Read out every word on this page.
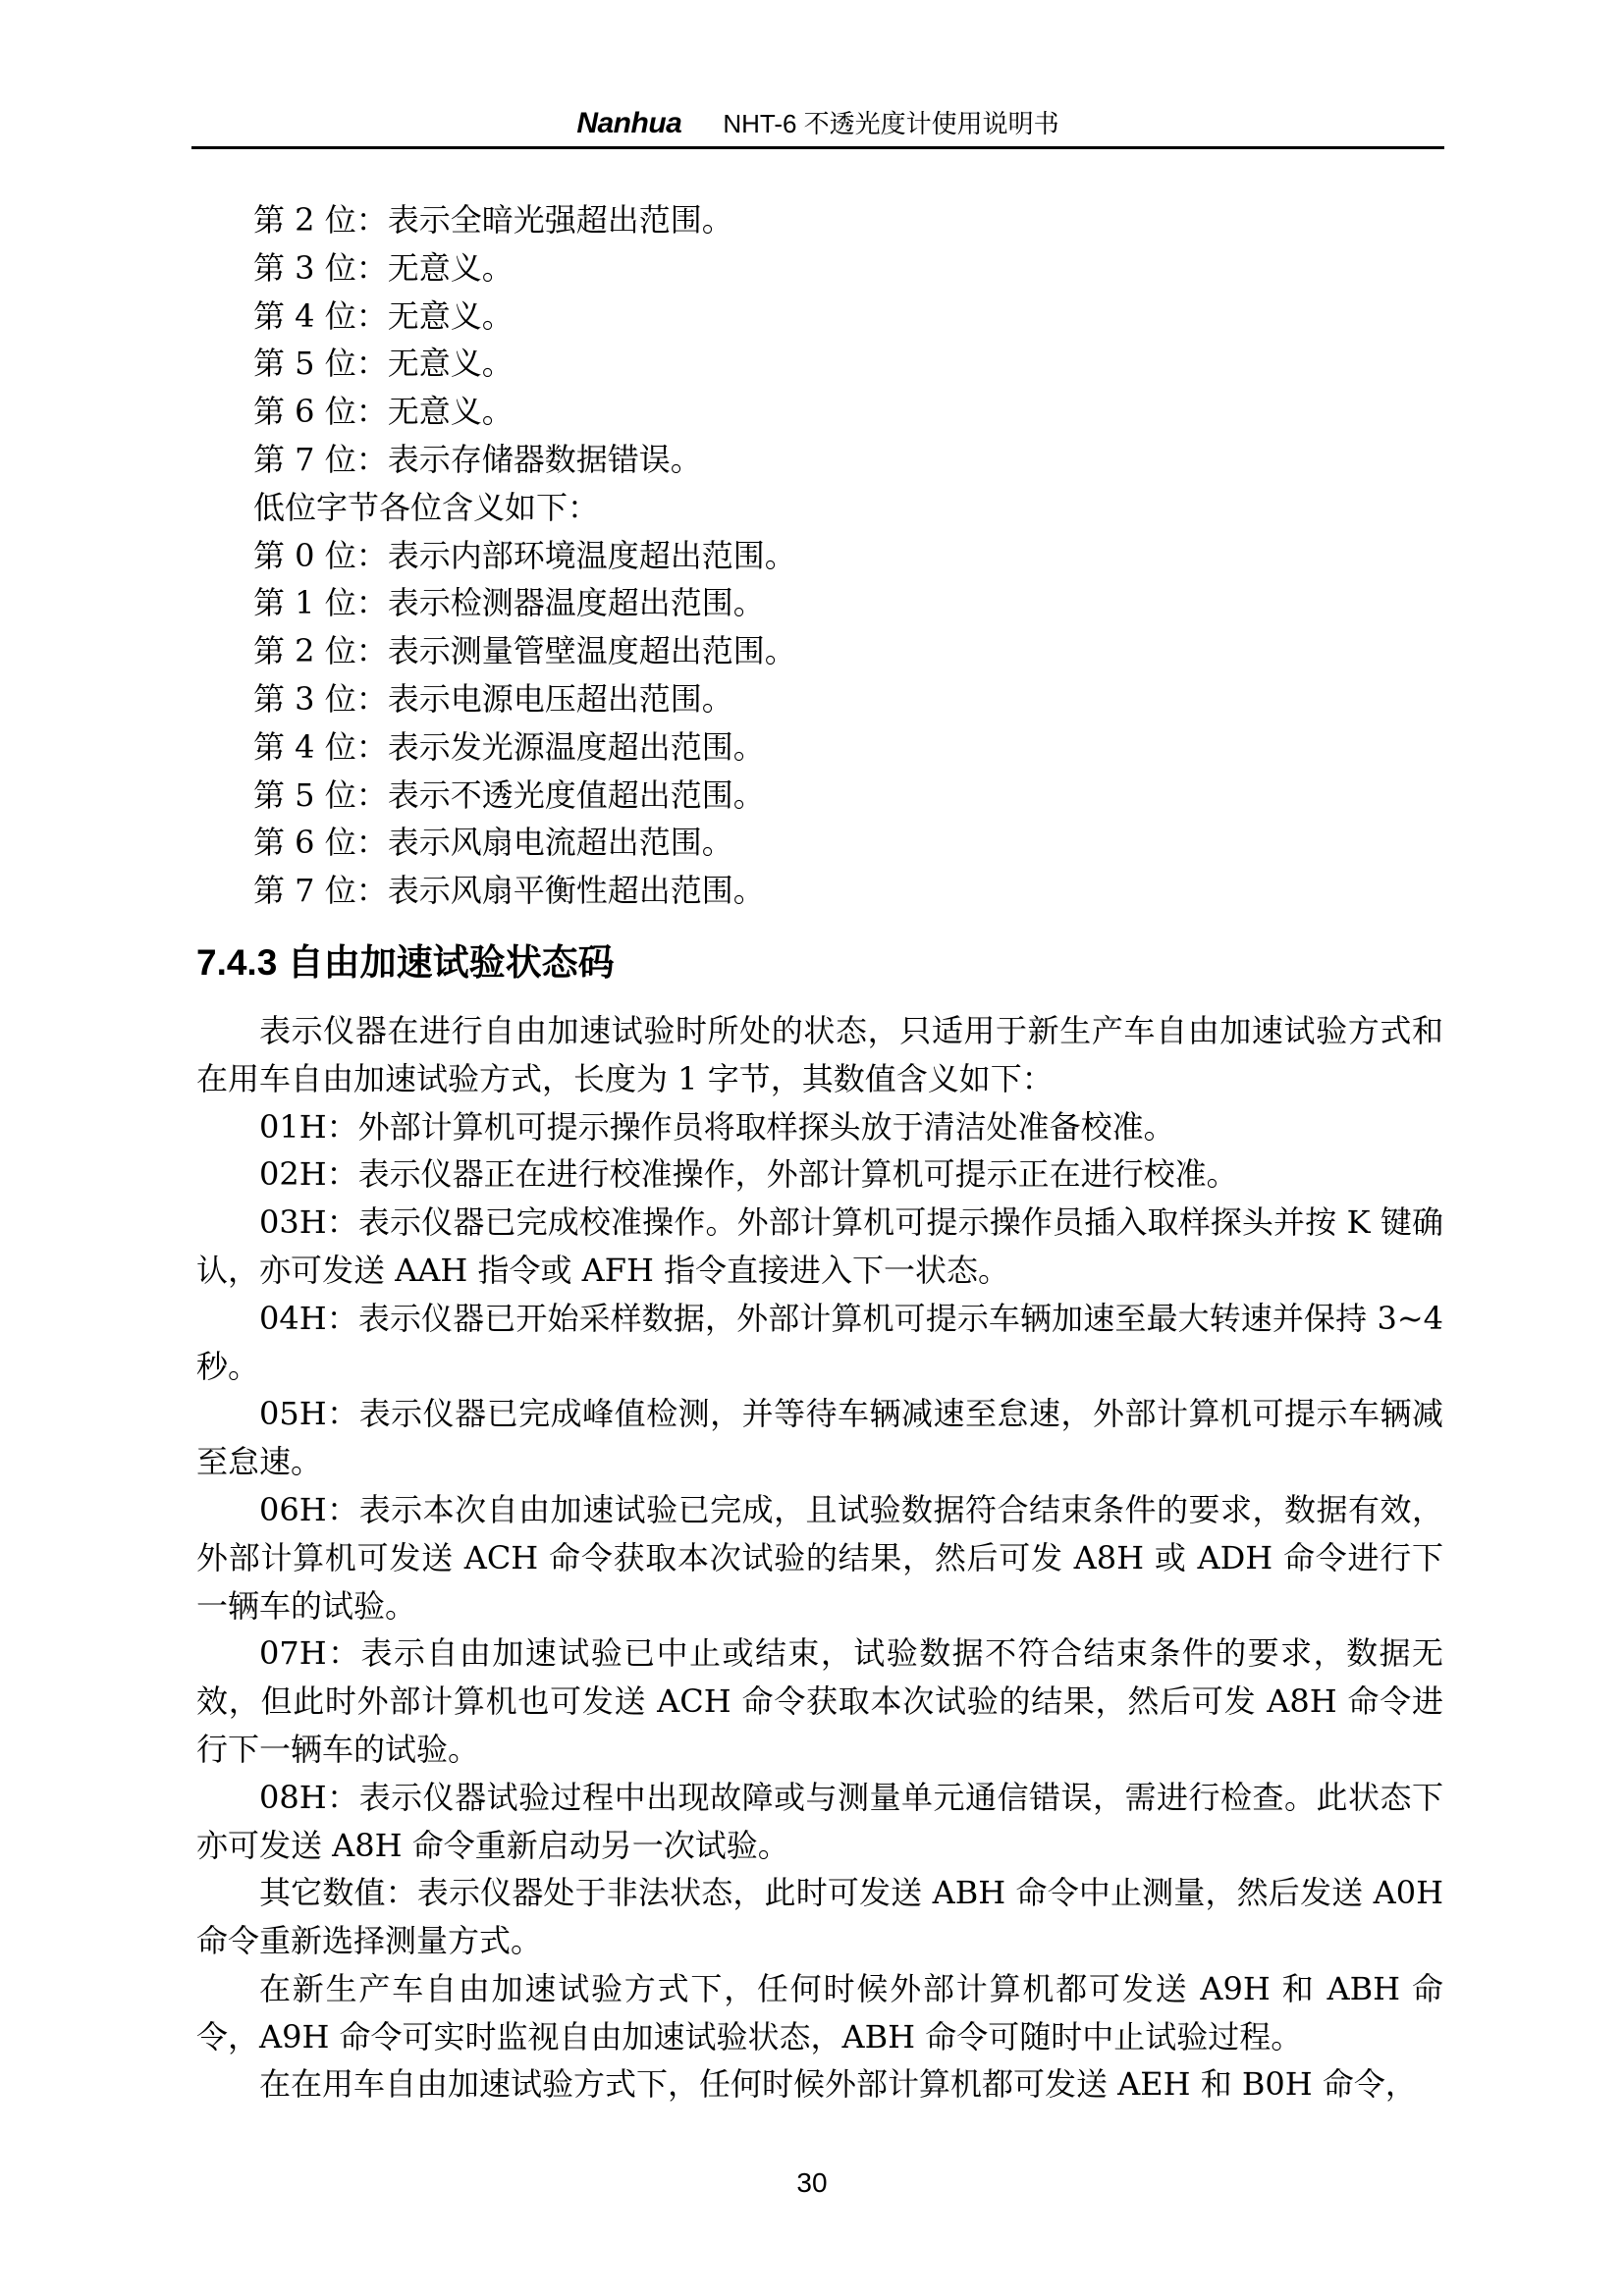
Nanhua NHT-6 不透光度计使用说明书
第 2 位：表示全暗光强超出范围。
第 3 位：无意义。
第 4 位：无意义。
第 5 位：无意义。
第 6 位：无意义。
第 7 位：表示存储器数据错误。
低位字节各位含义如下：
第 0 位：表示内部环境温度超出范围。
第 1 位：表示检测器温度超出范围。
第 2 位：表示测量管壁温度超出范围。
第 3 位：表示电源电压超出范围。
第 4 位：表示发光源温度超出范围。
第 5 位：表示不透光度值超出范围。
第 6 位：表示风扇电流超出范围。
第 7 位：表示风扇平衡性超出范围。
7.4.3 自由加速试验状态码

表示仪器在进行自由加速试验时所处的状态，只适用于新生产车自由加速试验方式和在用车自由加速试验方式，长度为 1 字节，其数值含义如下：

01H：外部计算机可提示操作员将取样探头放于清洁处准备校准。

02H：表示仪器正在进行校准操作，外部计算机可提示正在进行校准。

03H：表示仪器已完成校准操作。外部计算机可提示操作员插入取样探头并按 K 键确认，亦可发送 AAH 指令或 AFH 指令直接进入下一状态。

04H：表示仪器已开始采样数据，外部计算机可提示车辆加速至最大转速并保持 3~4 秒。

05H：表示仪器已完成峰值检测，并等待车辆减速至怠速，外部计算机可提示车辆减至怠速。

06H：表示本次自由加速试验已完成，且试验数据符合结束条件的要求，数据有效，外部计算机可发送 ACH 命令获取本次试验的结果，然后可发 A8H 或 ADH 命令进行下一辆车的试验。

07H：表示自由加速试验已中止或结束，试验数据不符合结束条件的要求，数据无效，但此时外部计算机也可发送 ACH 命令获取本次试验的结果，然后可发 A8H 命令进行下一辆车的试验。

08H：表示仪器试验过程中出现故障或与测量单元通信错误，需进行检查。此状态下亦可发送 A8H 命令重新启动另一次试验。

其它数值：表示仪器处于非法状态，此时可发送 ABH 命令中止测量，然后发送 A0H 命令重新选择测量方式。

在新生产车自由加速试验方式下，任何时候外部计算机都可发送 A9H 和 ABH 命令，A9H 命令可实时监视自由加速试验状态，ABH 命令可随时中止试验过程。

在在用车自由加速试验方式下，任何时候外部计算机都可发送 AEH 和 B0H 命令，

30
